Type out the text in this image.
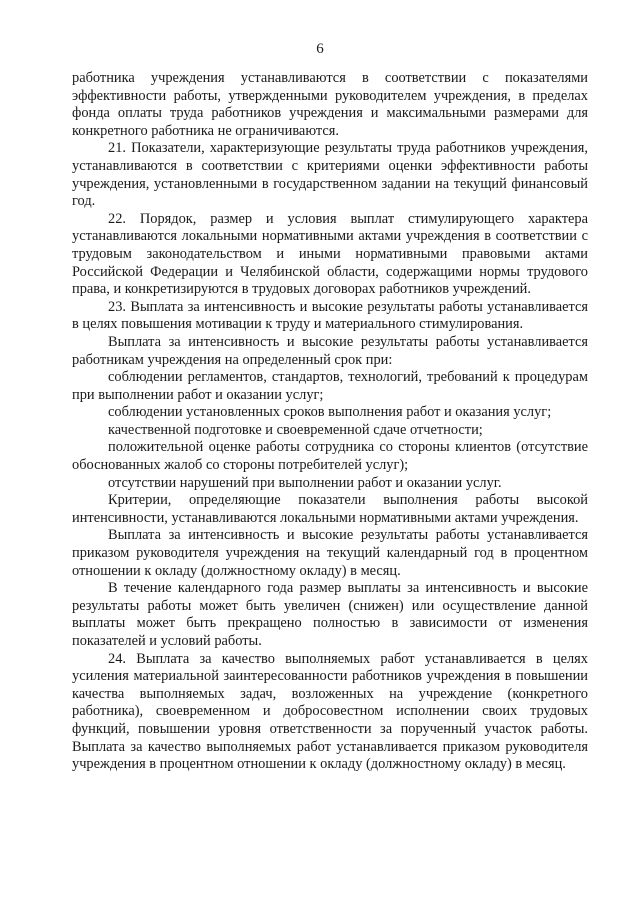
6

работника учреждения устанавливаются в соответствии с показателями эффективности работы, утвержденными руководителем учреждения, в пределах фонда оплаты труда работников учреждения и максимальными размерами для конкретного работника не ограничиваются.

21. Показатели, характеризующие результаты труда работников учреждения, устанавливаются в соответствии с критериями оценки эффективности работы учреждения, установленными в государственном задании на текущий финансовый год.

22. Порядок, размер и условия выплат стимулирующего характера устанавливаются локальными нормативными актами учреждения в соответствии с трудовым законодательством и иными нормативными правовыми актами Российской Федерации и Челябинской области, содержащими нормы трудового права, и конкретизируются в трудовых договорах работников учреждений.

23. Выплата за интенсивность и высокие результаты работы устанавливается в целях повышения мотивации к труду и материального стимулирования.

Выплата за интенсивность и высокие результаты работы устанавливается работникам учреждения на определенный срок при:

соблюдении регламентов, стандартов, технологий, требований к процедурам при выполнении работ и оказании услуг;

соблюдении установленных сроков выполнения работ и оказания услуг;

качественной подготовке и своевременной сдаче отчетности;

положительной оценке работы сотрудника со стороны клиентов (отсутствие обоснованных жалоб со стороны потребителей услуг);

отсутствии нарушений при выполнении работ и оказании услуг.

Критерии, определяющие показатели выполнения работы высокой интенсивности, устанавливаются локальными нормативными актами учреждения.

Выплата за интенсивность и высокие результаты работы устанавливается приказом руководителя учреждения на текущий календарный год в процентном отношении к окладу (должностному окладу) в месяц.

В течение календарного года размер выплаты за интенсивность и высокие результаты работы может быть увеличен (снижен) или осуществление данной выплаты может быть прекращено полностью в зависимости от изменения показателей и условий работы.

24. Выплата за качество выполняемых работ устанавливается в целях усиления материальной заинтересованности работников учреждения в повышении качества выполняемых задач, возложенных на учреждение (конкретного работника), своевременном и добросовестном исполнении своих трудовых функций, повышении уровня ответственности за порученный участок работы. Выплата за качество выполняемых работ устанавливается приказом руководителя учреждения в процентном отношении к окладу (должностному окладу) в месяц.
